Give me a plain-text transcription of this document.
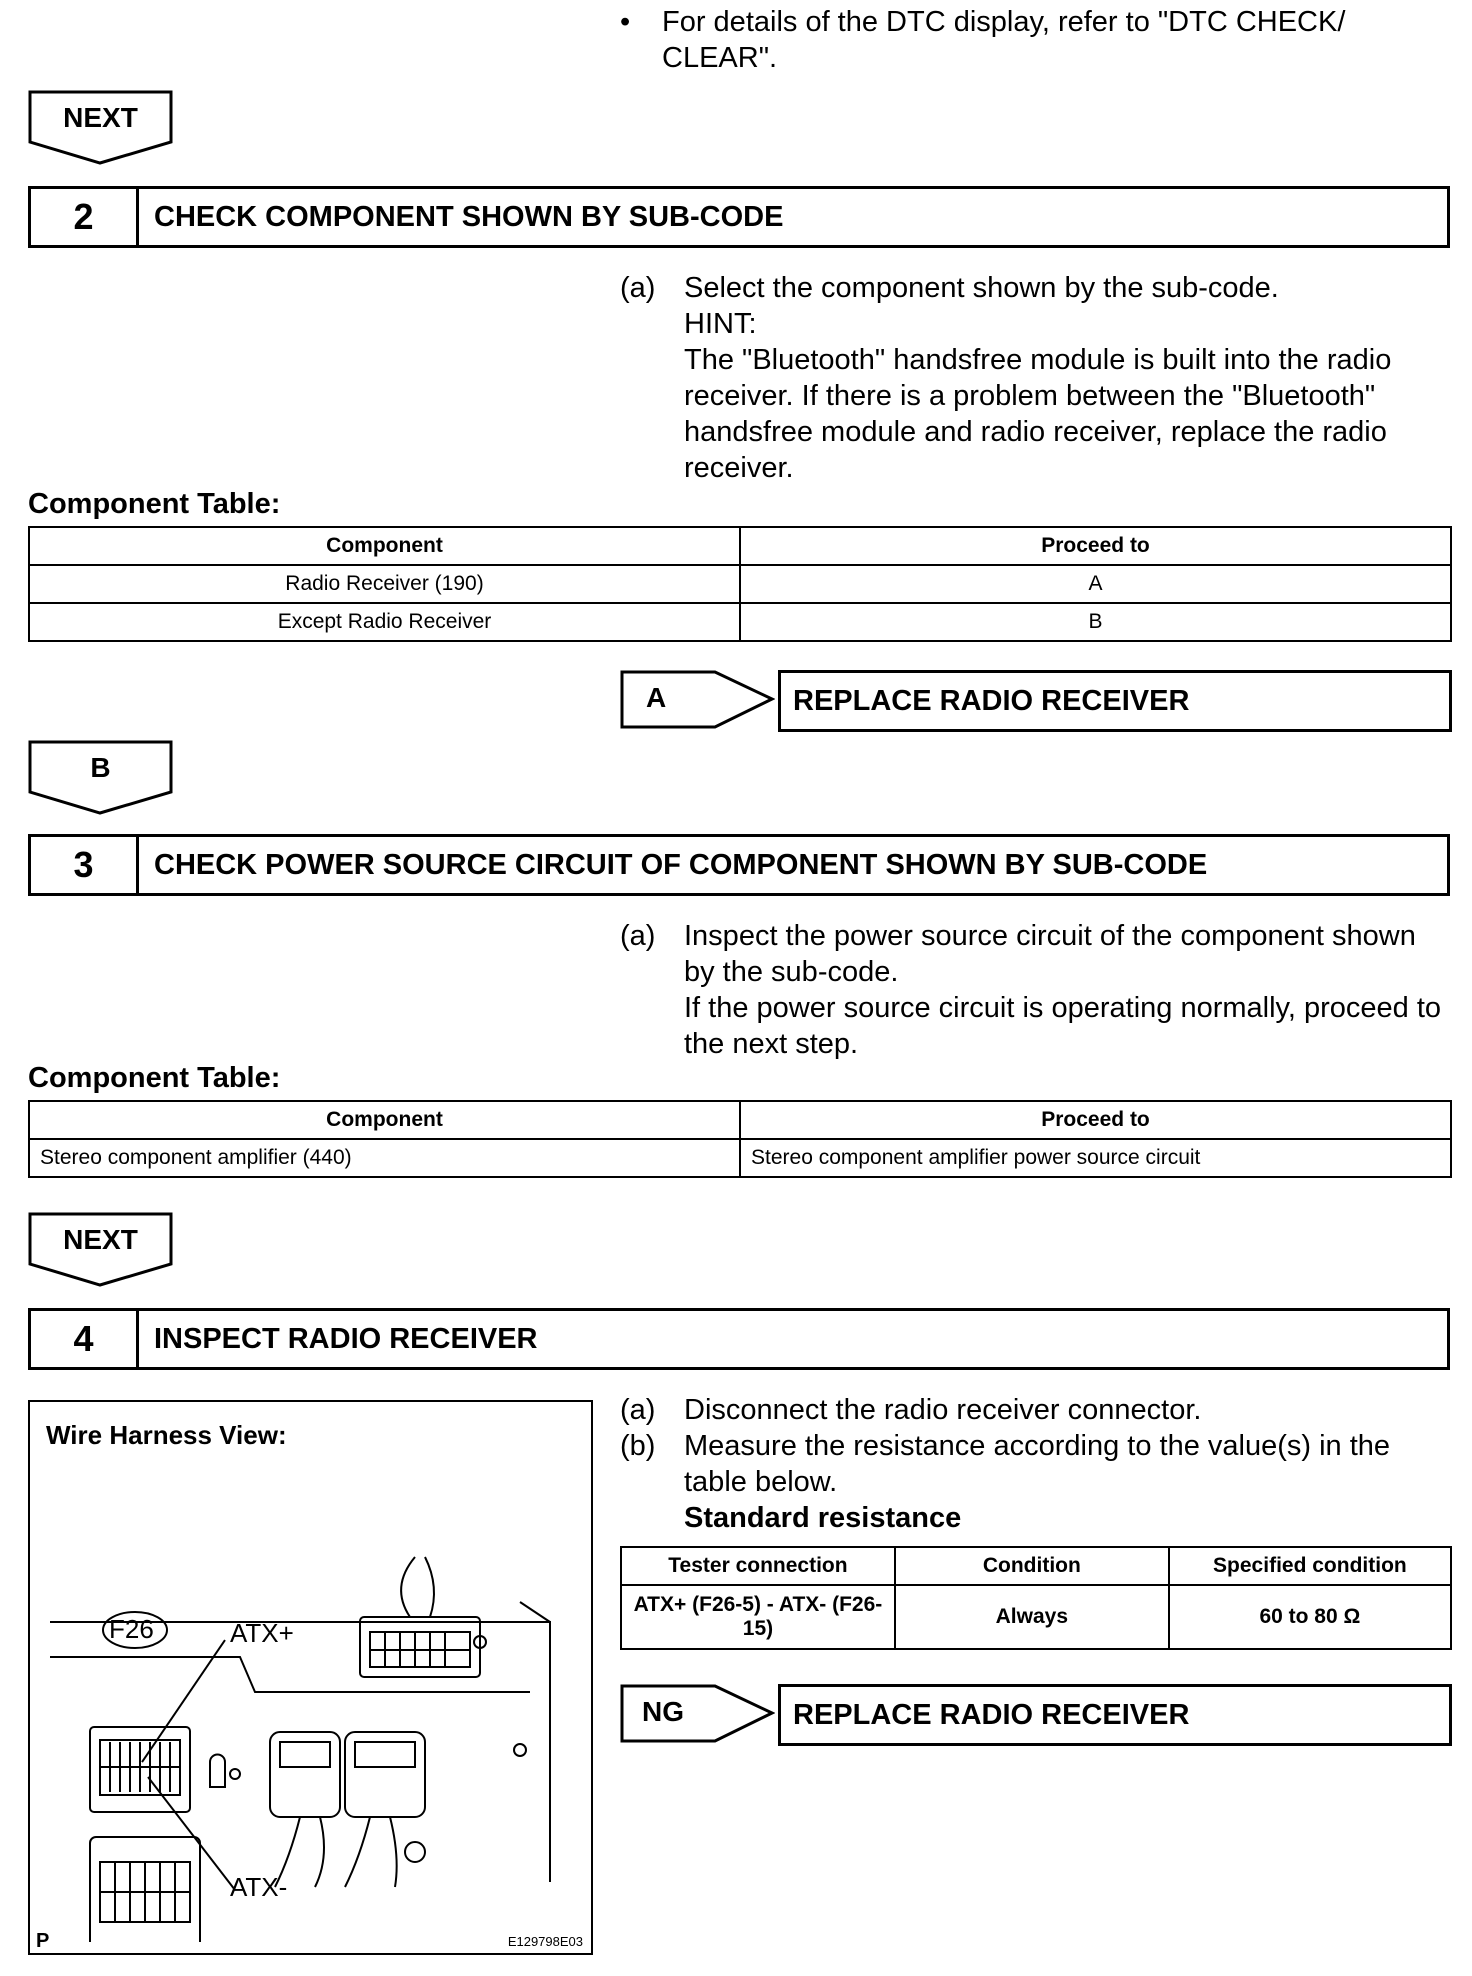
• For details of the DTC display, refer to "DTC CHECK/ CLEAR".
NEXT
2	CHECK COMPONENT SHOWN BY SUB-CODE
(a) Select the component shown by the sub-code.
HINT:
The "Bluetooth" handsfree module is built into the radio receiver. If there is a problem between the "Bluetooth" handsfree module and radio receiver, replace the radio receiver.
Component Table:
Component	Proceed to
Radio Receiver (190)	A
Except Radio Receiver	B
A	REPLACE RADIO RECEIVER
B
3	CHECK POWER SOURCE CIRCUIT OF COMPONENT SHOWN BY SUB-CODE
(a) Inspect the power source circuit of the component shown by the sub-code.
If the power source circuit is operating normally, proceed to the next step.
Component Table:
Component	Proceed to
Stereo component amplifier (440)	Stereo component amplifier power source circuit
NEXT
4	INSPECT RADIO RECEIVER
Wire Harness View:
F26	ATX+
ATX-
P	E129798E03
(a) Disconnect the radio receiver connector.
(b) Measure the resistance according to the value(s) in the table below.
Standard resistance
Tester connection	Condition	Specified condition
ATX+ (F26-5) - ATX- (F26-15)	Always	60 to 80 Ω
NG	REPLACE RADIO RECEIVER
